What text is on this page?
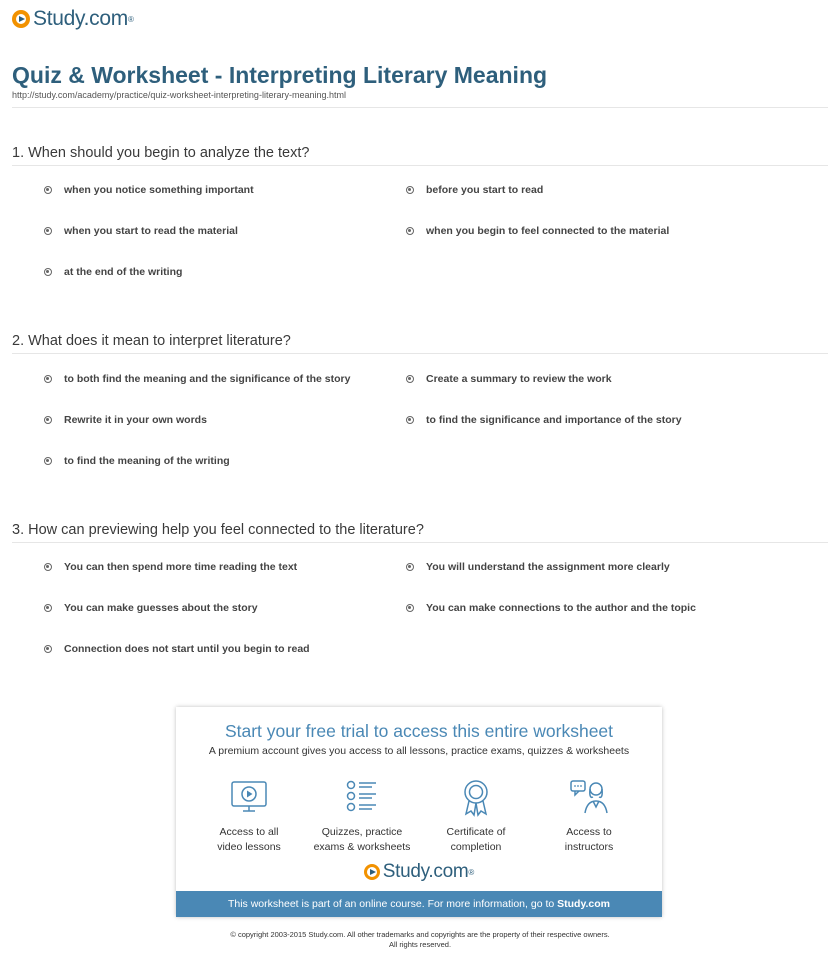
Study.com ®
Quiz & Worksheet - Interpreting Literary Meaning
http://study.com/academy/practice/quiz-worksheet-interpreting-literary-meaning.html
1. When should you begin to analyze the text?
when you notice something important	before you start to read
when you start to read the material	when you begin to feel connected to the material
at the end of the writing
2. What does it mean to interpret literature?
to both find the meaning and the significance of the story	Create a summary to review the work
Rewrite it in your own words	to find the significance and importance of the story
to find the meaning of the writing
3. How can previewing help you feel connected to the literature?
You can then spend more time reading the text	You will understand the assignment more clearly
You can make guesses about the story	You can make connections to the author and the topic
Connection does not start until you begin to read
Start your free trial to access this entire worksheet
A premium account gives you access to all lessons, practice exams, quizzes & worksheets
Access to all
video lessons
Quizzes, practice
exams & worksheets
Certificate of
completion
Access to
instructors
Study.com ®
This worksheet is part of an online course. For more information, go to Study.com
© copyright 2003-2015 Study.com. All other trademarks and copyrights are the property of their respective owners.
All rights reserved.
